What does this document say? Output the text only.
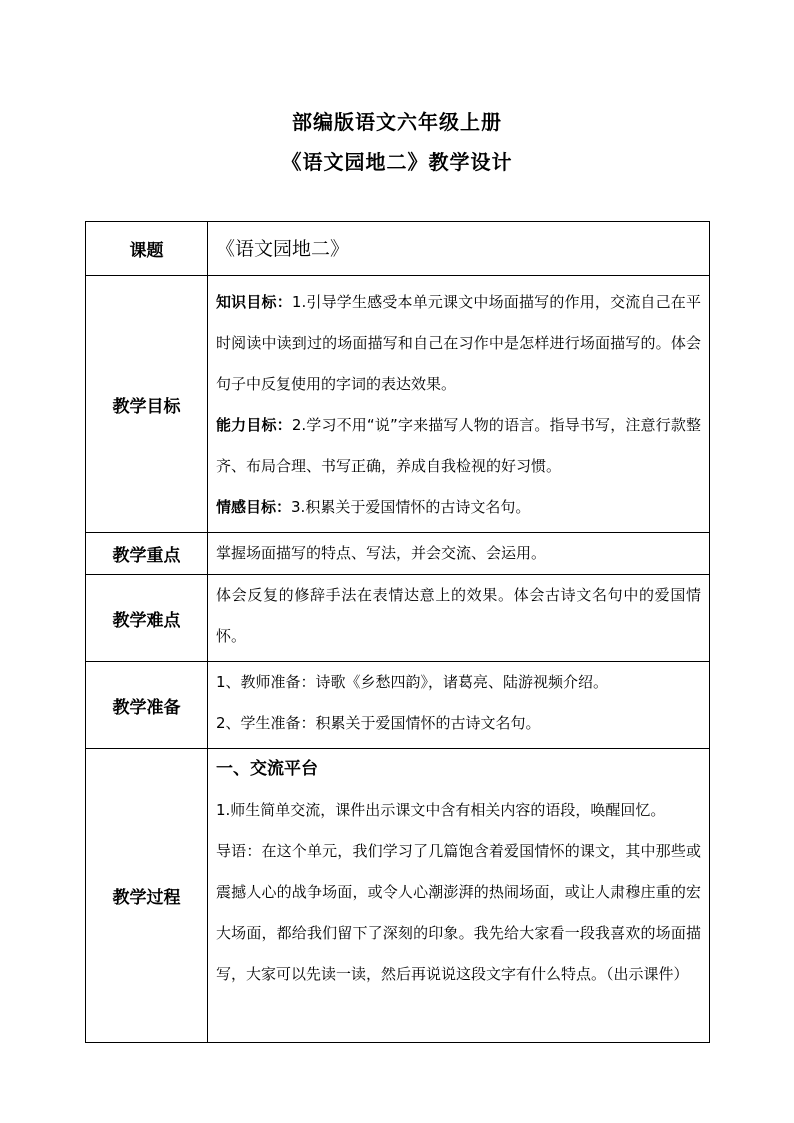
部编版语文六年级上册
《语文园地二》教学设计
课题	《语文园地二》
教学目标	知识目标：1.引导学生感受本单元课文中场面描写的作用，交流自己在平时阅读中读到过的场面描写和自己在习作中是怎样进行场面描写的。体会句子中反复使用的字词的表达效果。

能力目标：2.学习不用“说”字来描写人物的语言。指导书写，注意行款整齐、布局合理、书写正确，养成自我检视的好习惯。

情感目标：3.积累关于爱国情怀的古诗文名句。

教学重点	掌握场面描写的特点、写法，并会交流、会运用。

教学难点	体会反复的修辞手法在表情达意上的效果。体会古诗文名句中的爱国情怀。

教学准备	1、教师准备：诗歌《乡愁四韵》，诸葛亮、陆游视频介绍。

2、学生准备：积累关于爱国情怀的古诗文名句。

教学过程	一、交流平台

1.师生简单交流，课件出示课文中含有相关内容的语段，唤醒回忆。

导语：在这个单元，我们学习了几篇饱含着爱国情怀的课文，其中那些或震撼人心的战争场面，或令人心潮澎湃的热闹场面，或让人肃穆庄重的宏大场面，都给我们留下了深刻的印象。我先给大家看一段我喜欢的场面描写，大家可以先读一读，然后再说说这段文字有什么特点。（出示课件）
